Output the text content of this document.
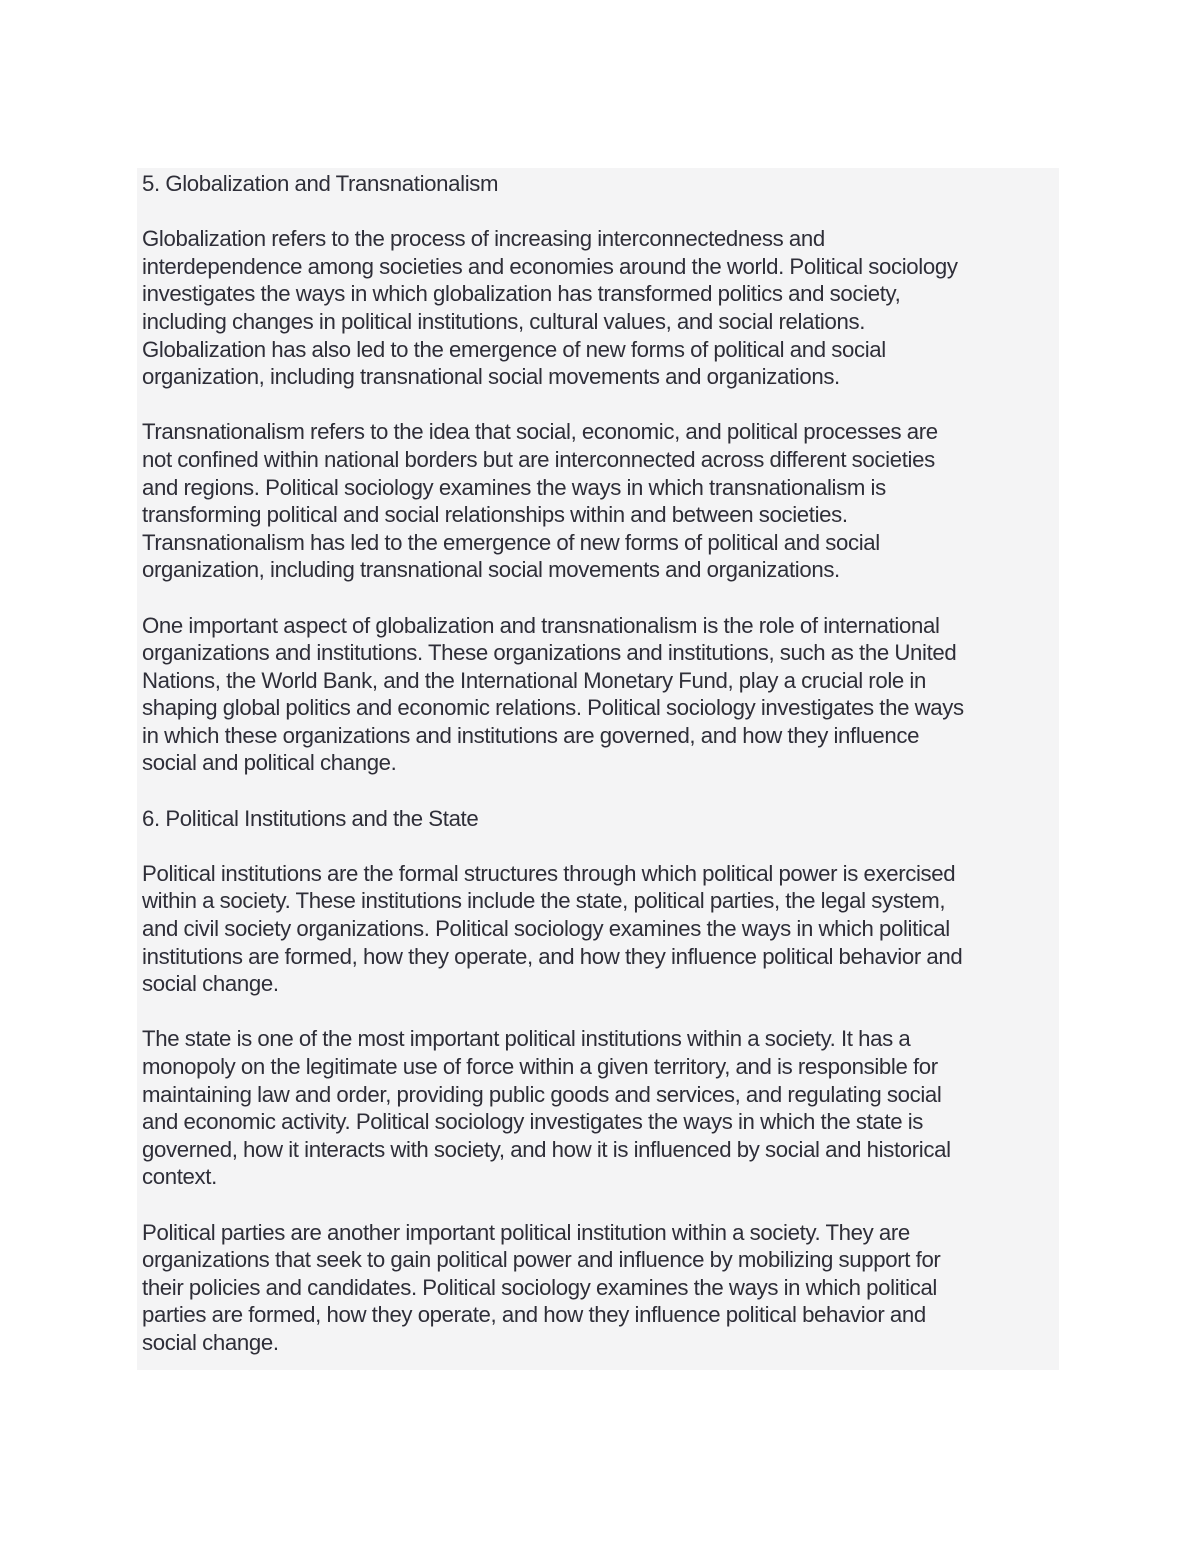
5. Globalization and Transnationalism
Globalization refers to the process of increasing interconnectedness and
interdependence among societies and economies around the world. Political sociology
investigates the ways in which globalization has transformed politics and society,
including changes in political institutions, cultural values, and social relations.
Globalization has also led to the emergence of new forms of political and social
organization, including transnational social movements and organizations.
Transnationalism refers to the idea that social, economic, and political processes are
not confined within national borders but are interconnected across different societies
and regions. Political sociology examines the ways in which transnationalism is
transforming political and social relationships within and between societies.
Transnationalism has led to the emergence of new forms of political and social
organization, including transnational social movements and organizations.
One important aspect of globalization and transnationalism is the role of international
organizations and institutions. These organizations and institutions, such as the United
Nations, the World Bank, and the International Monetary Fund, play a crucial role in
shaping global politics and economic relations. Political sociology investigates the ways
in which these organizations and institutions are governed, and how they influence
social and political change.
6. Political Institutions and the State
Political institutions are the formal structures through which political power is exercised
within a society. These institutions include the state, political parties, the legal system,
and civil society organizations. Political sociology examines the ways in which political
institutions are formed, how they operate, and how they influence political behavior and
social change.
The state is one of the most important political institutions within a society. It has a
monopoly on the legitimate use of force within a given territory, and is responsible for
maintaining law and order, providing public goods and services, and regulating social
and economic activity. Political sociology investigates the ways in which the state is
governed, how it interacts with society, and how it is influenced by social and historical
context.
Political parties are another important political institution within a society. They are
organizations that seek to gain political power and influence by mobilizing support for
their policies and candidates. Political sociology examines the ways in which political
parties are formed, how they operate, and how they influence political behavior and
social change.
